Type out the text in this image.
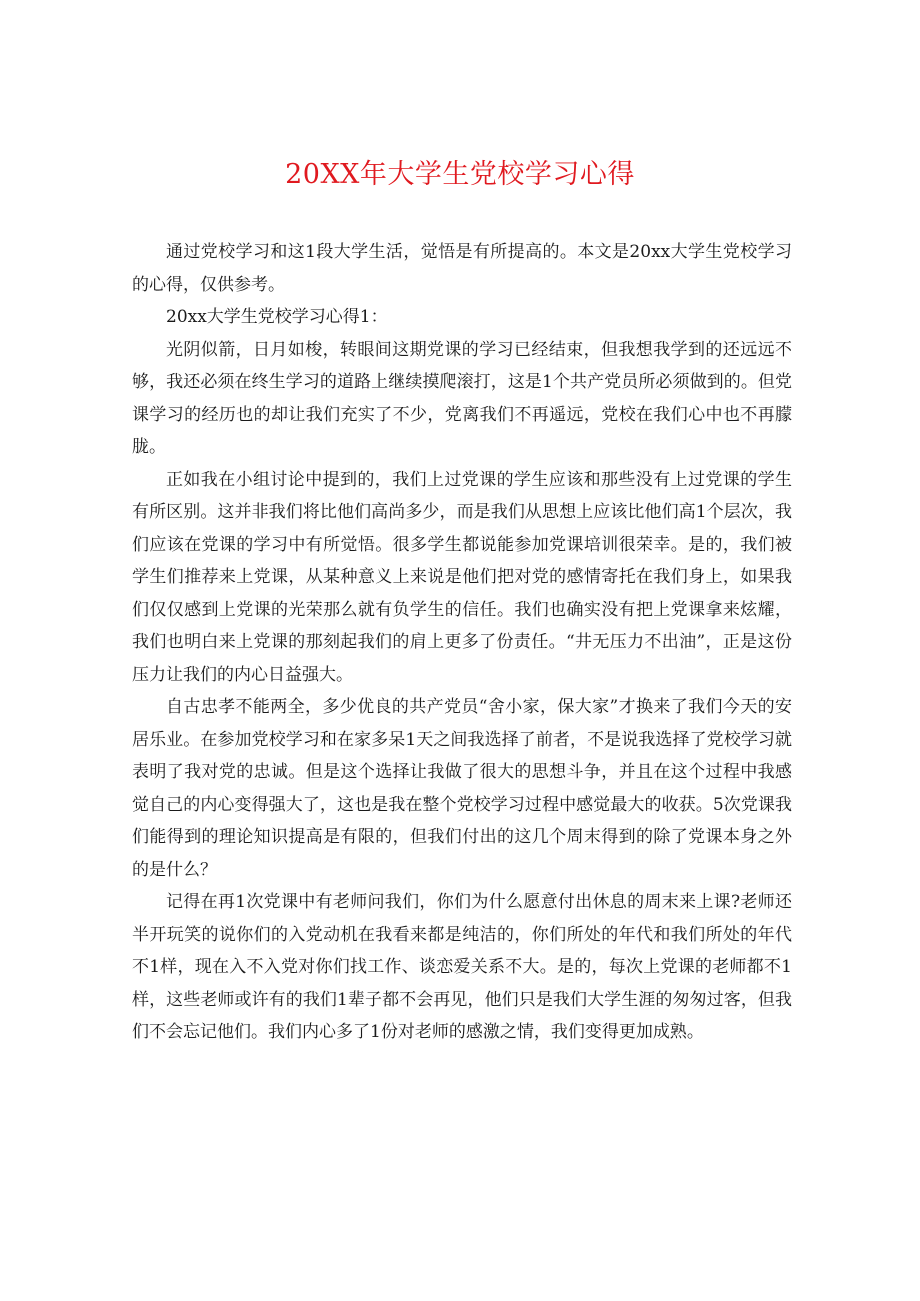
20XX年大学生党校学习心得

通过党校学习和这1段大学生活，觉悟是有所提高的。本文是20xx大学生党校学习的心得，仅供参考。

20xx大学生党校学习心得1：

光阴似箭，日月如梭，转眼间这期党课的学习已经结束，但我想我学到的还远远不够，我还必须在终生学习的道路上继续摸爬滚打，这是1个共产党员所必须做到的。但党课学习的经历也的却让我们充实了不少，党离我们不再遥远，党校在我们心中也不再朦胧。

正如我在小组讨论中提到的，我们上过党课的学生应该和那些没有上过党课的学生有所区别。这并非我们将比他们高尚多少，而是我们从思想上应该比他们高1个层次，我们应该在党课的学习中有所觉悟。很多学生都说能参加党课培训很荣幸。是的，我们被学生们推荐来上党课，从某种意义上来说是他们把对党的感情寄托在我们身上，如果我们仅仅感到上党课的光荣那么就有负学生的信任。我们也确实没有把上党课拿来炫耀，我们也明白来上党课的那刻起我们的肩上更多了份责任。“井无压力不出油”，正是这份压力让我们的内心日益强大。

自古忠孝不能两全，多少优良的共产党员“舍小家，保大家”才换来了我们今天的安居乐业。在参加党校学习和在家多呆1天之间我选择了前者，不是说我选择了党校学习就表明了我对党的忠诚。但是这个选择让我做了很大的思想斗争，并且在这个过程中我感觉自己的内心变得强大了，这也是我在整个党校学习过程中感觉最大的收获。5次党课我们能得到的理论知识提高是有限的，但我们付出的这几个周末得到的除了党课本身之外的是什么？

记得在再1次党课中有老师问我们，你们为什么愿意付出休息的周末来上课?老师还半开玩笑的说你们的入党动机在我看来都是纯洁的，你们所处的年代和我们所处的年代不1样，现在入不入党对你们找工作、谈恋爱关系不大。是的，每次上党课的老师都不1样，这些老师或许有的我们1辈子都不会再见，他们只是我们大学生涯的匆匆过客，但我们不会忘记他们。我们内心多了1份对老师的感激之情，我们变得更加成熟。
